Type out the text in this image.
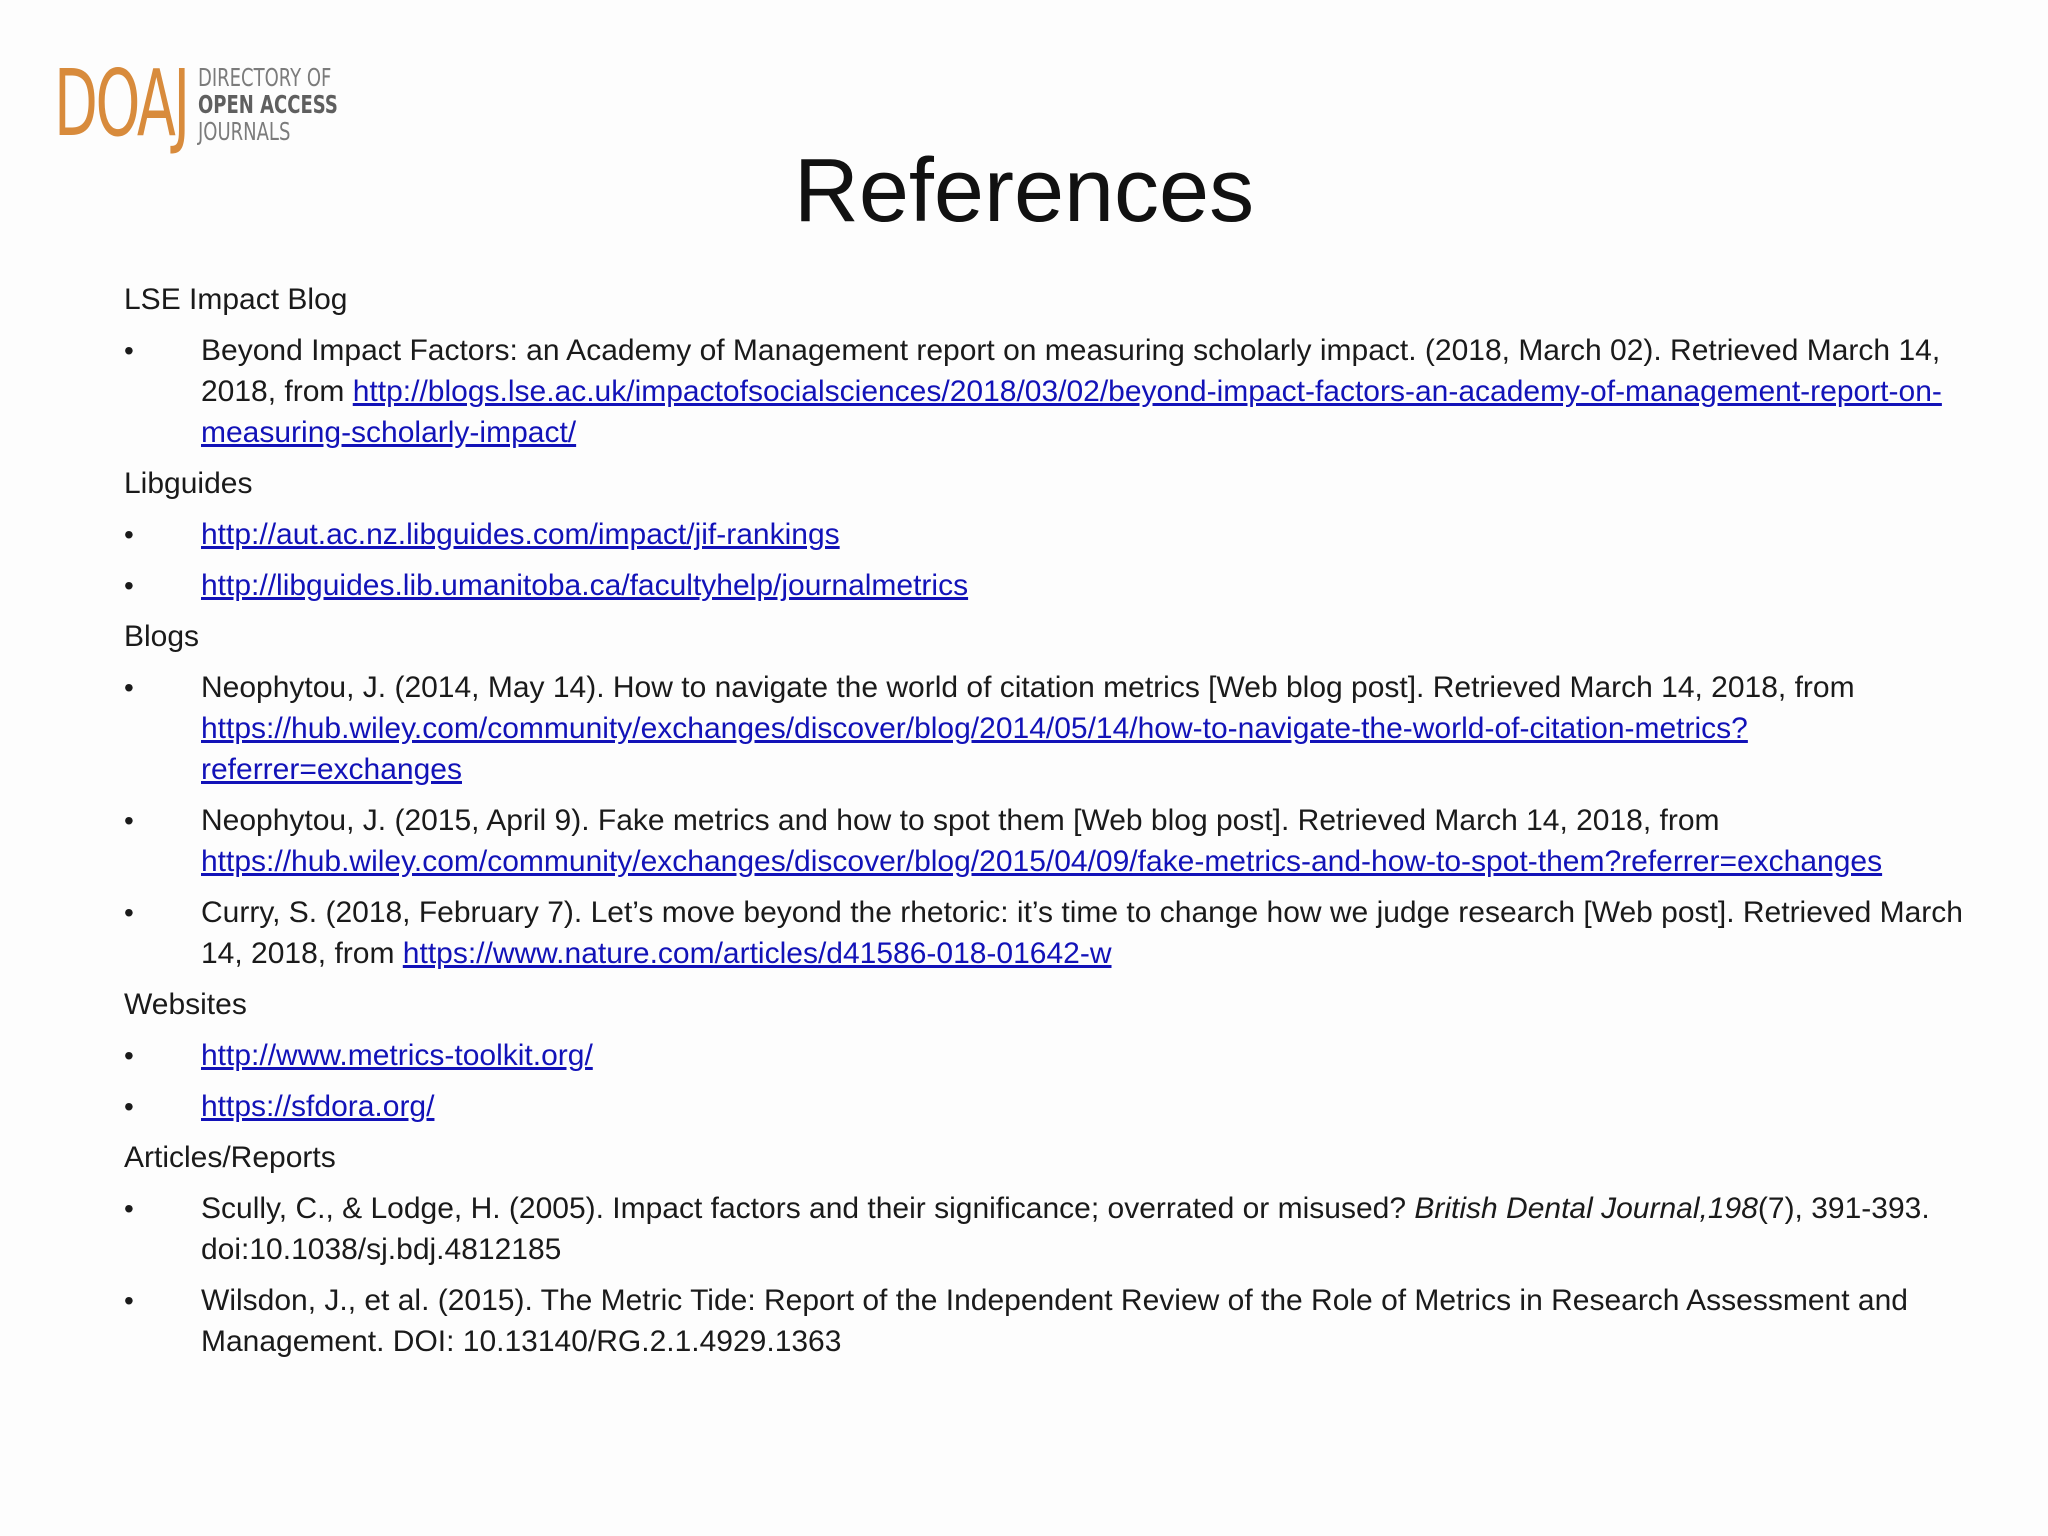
DOAJ DIRECTORY OF
OPEN ACCESS
JOURNALS
References
LSE Impact Blog
•	Beyond Impact Factors: an Academy of Management report on measuring scholarly impact. (2018, March 02). Retrieved March 14, 2018, from http://blogs.lse.ac.uk/impactofsocialsciences/2018/03/02/beyond-impact-factors-an-academy-of-management-report-on-measuring-scholarly-impact/
Libguides
•	http://aut.ac.nz.libguides.com/impact/jif-rankings
•	http://libguides.lib.umanitoba.ca/facultyhelp/journalmetrics
Blogs
•	Neophytou, J. (2014, May 14). How to navigate the world of citation metrics [Web blog post]. Retrieved March 14, 2018, from https://hub.wiley.com/community/exchanges/discover/blog/2014/05/14/how-to-navigate-the-world-of-citation-metrics?referrer=exchanges
•	Neophytou, J. (2015, April 9). Fake metrics and how to spot them [Web blog post]. Retrieved March 14, 2018, from https://hub.wiley.com/community/exchanges/discover/blog/2015/04/09/fake-metrics-and-how-to-spot-them?referrer=exchanges
•	Curry, S. (2018, February 7). Let’s move beyond the rhetoric: it’s time to change how we judge research [Web post]. Retrieved March 14, 2018, from https://www.nature.com/articles/d41586-018-01642-w
Websites
•	http://www.metrics-toolkit.org/
•	https://sfdora.org/
Articles/Reports
•	Scully, C., & Lodge, H. (2005). Impact factors and their significance; overrated or misused? British Dental Journal,198(7), 391-393. doi:10.1038/sj.bdj.4812185
•	Wilsdon, J., et al. (2015). The Metric Tide: Report of the Independent Review of the Role of Metrics in Research Assessment and Management. DOI: 10.13140/RG.2.1.4929.1363
